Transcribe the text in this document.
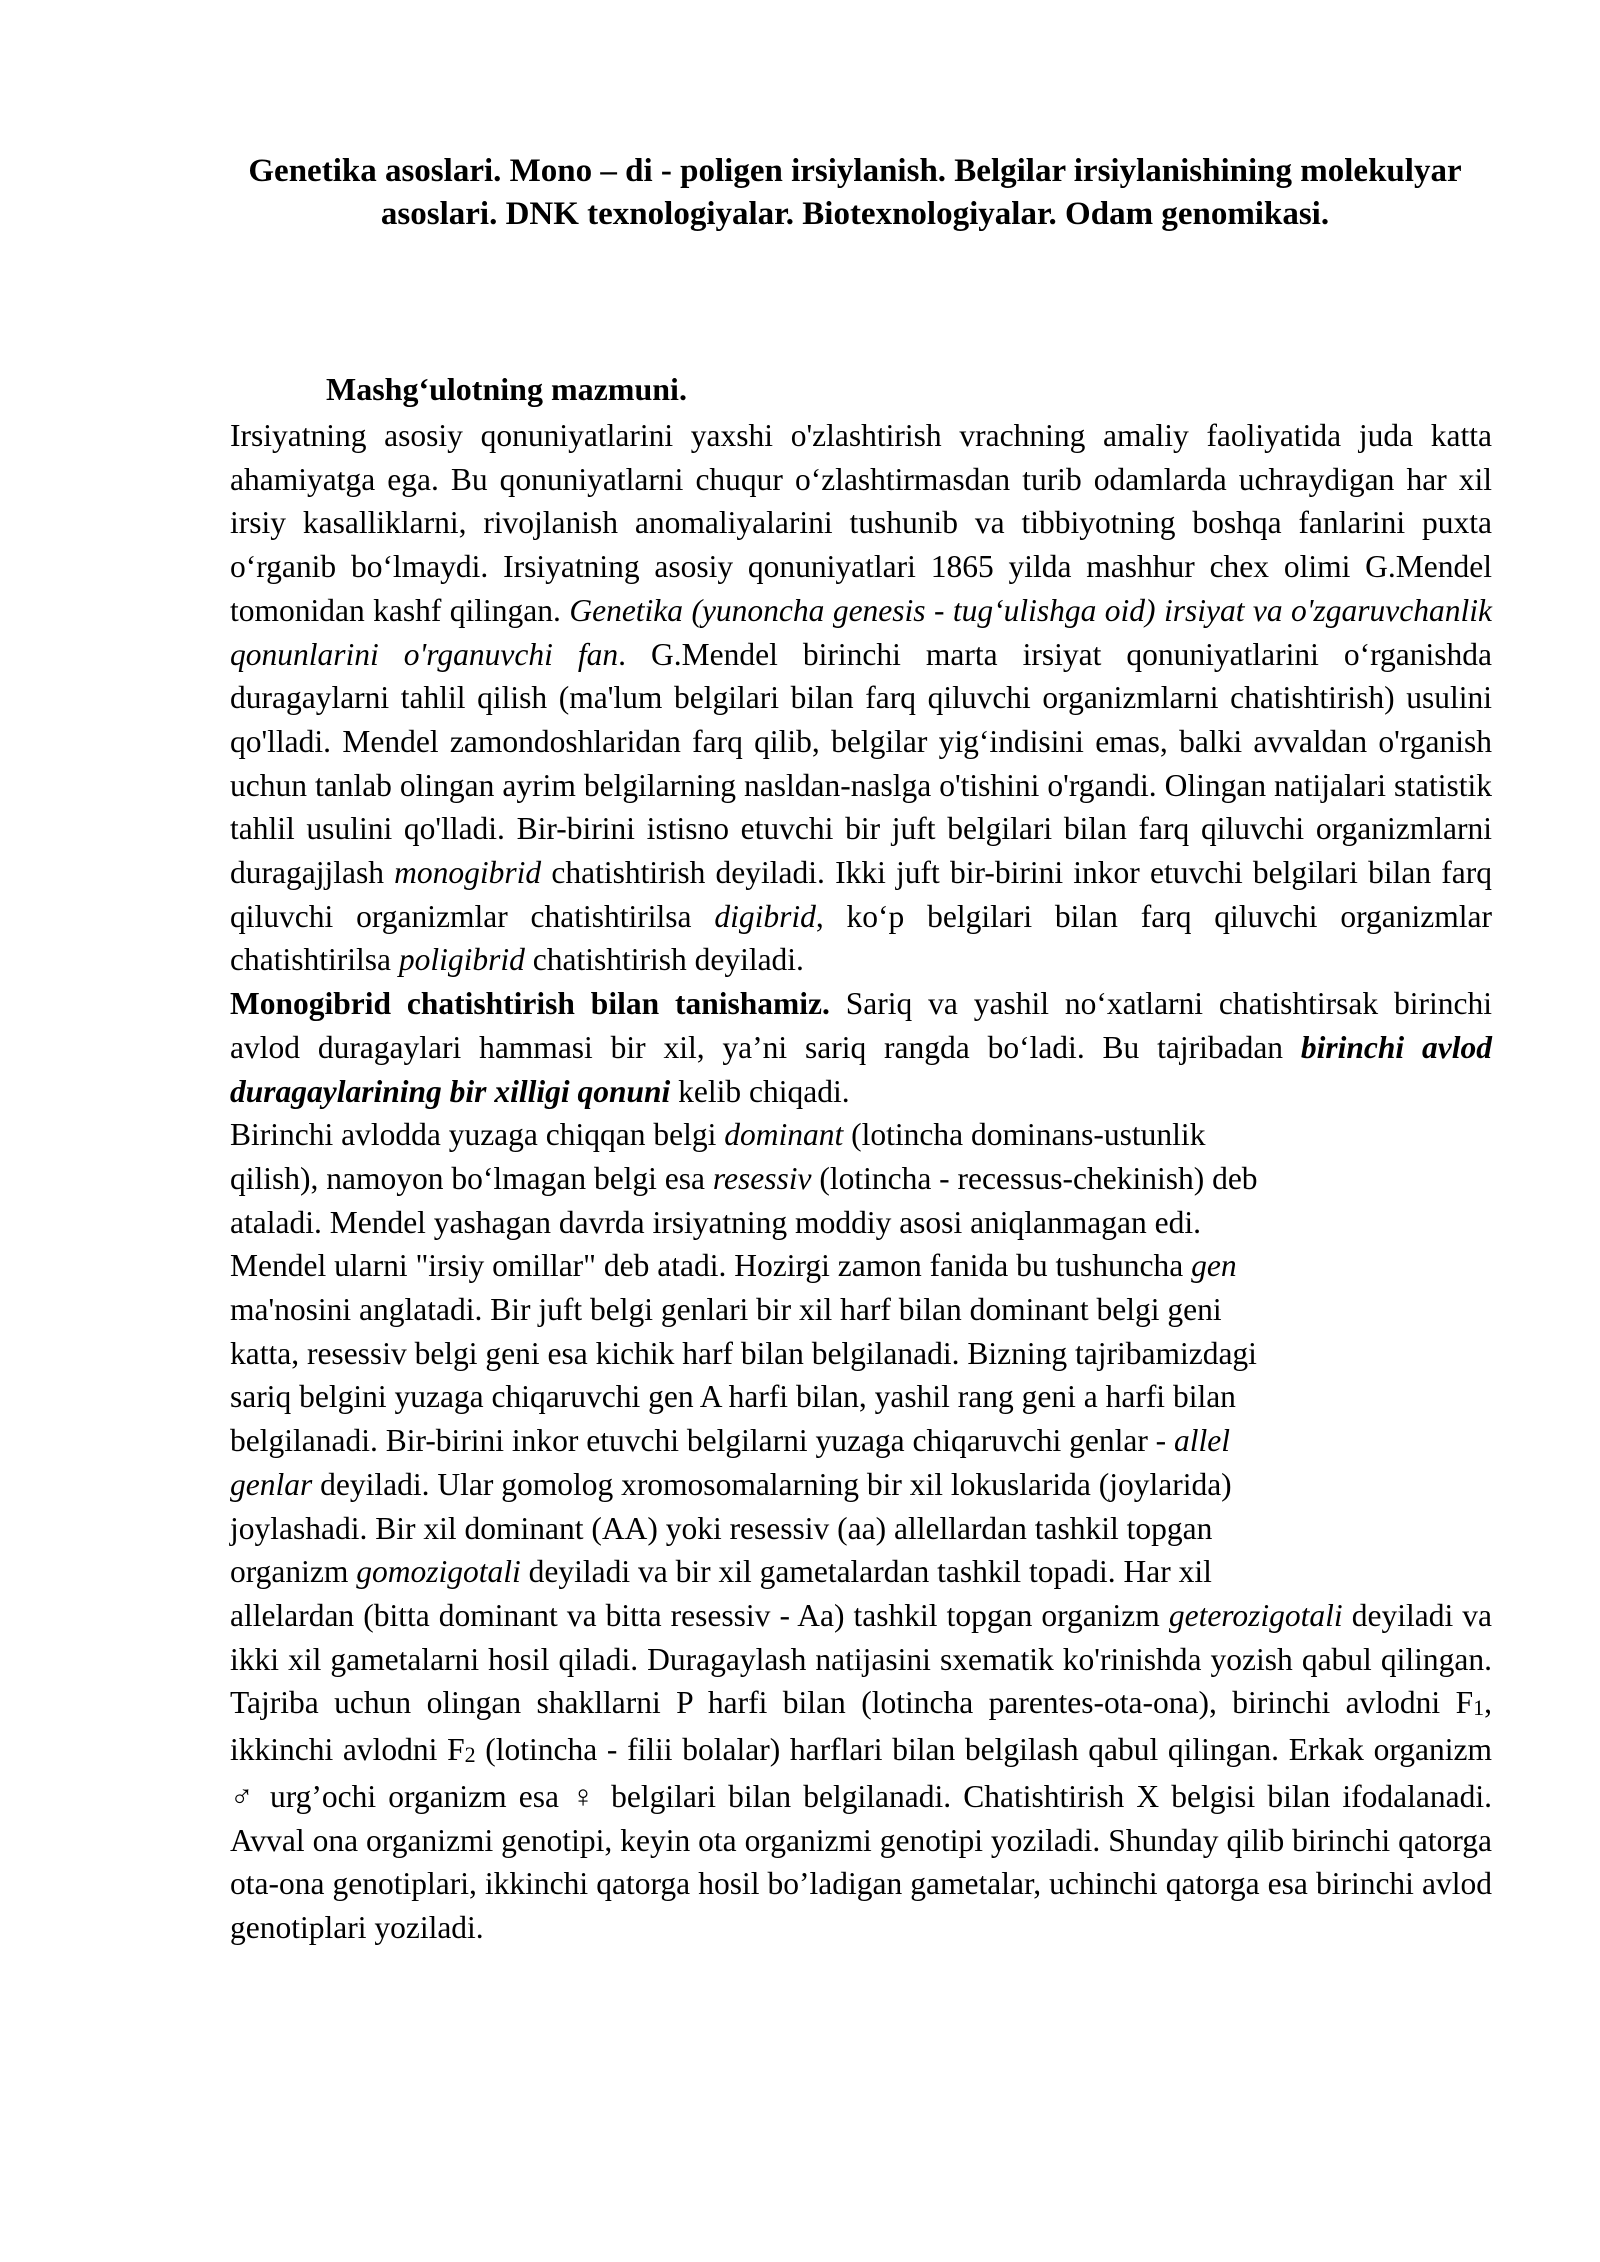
Genetika asoslari. Mono – di - poligen irsiylanish. Belgilar irsiylanishining molekulyar asoslari. DNK texnologiyalar. Biotexnologiyalar. Odam genomikasi.
Mashg‘ulotning mazmuni.

Irsiyatning asosiy qonuniyatlarini yaxshi o'zlashtirish vrachning amaliy faoliyatida juda katta ahamiyatga ega. Bu qonuniyatlarni chuqur o‘zlashtirmasdan turib odamlarda uchraydigan har xil irsiy kasalliklarni, rivojlanish anomaliyalarini tushunib va tibbiyotning boshqa fanlarini puxta o‘rganib bo‘lmaydi. Irsiyatning asosiy qonuniyatlari 1865 yilda mashhur chex olimi G.Mendel tomonidan kashf qilingan. Genetika (yunoncha genesis - tug‘ulishga oid) irsiyat va o'zgaruvchanlik qonunlarini o'rganuvchi fan. G.Mendel birinchi marta irsiyat qonuniyatlarini o‘rganishda duragaylarni tahlil qilish (ma'lum belgilari bilan farq qiluvchi organizmlarni chatishtirish) usulini qo'lladi. Mendel zamondoshlaridan farq qilib, belgilar yig‘indisini emas, balki avvaldan o'rganish uchun tanlab olingan ayrim belgilarning nasldan-naslga o'tishini o'rgandi. Olingan natijalari statistik tahlil usulini qo'lladi. Bir-birini istisno etuvchi bir juft belgilari bilan farq qiluvchi organizmlarni duragajjlash monogibrid chatishtirish deyiladi. Ikki juft bir-birini inkor etuvchi belgilari bilan farq qiluvchi organizmlar chatishtirilsa digibrid, ko‘p belgilari bilan farq qiluvchi organizmlar chatishtirilsa poligibrid chatishtirish deyiladi.

Monogibrid chatishtirish bilan tanishamiz. Sariq va yashil no‘xatlarni chatishtirsak birinchi avlod duragaylari hammasi bir xil, ya’ni sariq rangda bo‘ladi. Bu tajribadan birinchi avlod duragaylarining bir xilligi qonuni kelib chiqadi.

Birinchi avlodda yuzaga chiqqan belgi dominant (lotincha dominans-ustunlik
qilish), namoyon bo‘lmagan belgi esa resessiv (lotincha - recessus-chekinish) deb

ataladi. Mendel yashagan davrda irsiyatning moddiy asosi aniqlanmagan edi.

Mendel ularni "irsiy omillar" deb atadi. Hozirgi zamon fanida bu tushuncha gen
ma'nosini anglatadi. Bir juft belgi genlari bir xil harf bilan dominant belgi geni
katta, resessiv belgi geni esa kichik harf bilan belgilanadi. Bizning tajribamizdagi
sariq belgini yuzaga chiqaruvchi gen A harfi bilan, yashil rang geni a harfi bilan
belgilanadi. Bir-birini inkor etuvchi belgilarni yuzaga chiqaruvchi genlar - allel
genlar deyiladi. Ular gomolog xromosomalarning bir xil lokuslarida (joylarida)
joylashadi. Bir xil dominant (AA) yoki resessiv (aa) allellardan tashkil topgan
organizm gomozigotali deyiladi va bir xil gametalardan tashkil topadi. Har xil

allelardan (bitta dominant va bitta resessiv - Aa) tashkil topgan organizm geterozigotali deyiladi va ikki xil gametalarni hosil qiladi. Duragaylash natijasini sxematik ko'rinishda yozish qabul qilingan. Tajriba uchun olingan shakllarni P harfi bilan (lotincha parentes-ota-ona), birinchi avlodni $F_1$, ikkinchi avlodni $F_2$ (lotincha - filii bolalar) harflari bilan belgilash qabul qilingan. Erkak organizm ♂ urg’ochi organizm esa ♀ belgilari bilan belgilanadi. Chatishtirish X belgisi bilan ifodalanadi. Avval ona organizmi genotipi, keyin ota organizmi genotipi yoziladi. Shunday qilib birinchi qatorga ota-ona genotiplari, ikkinchi qatorga hosil bo’ladigan gametalar, uchinchi qatorga esa birinchi avlod genotiplari yoziladi.
